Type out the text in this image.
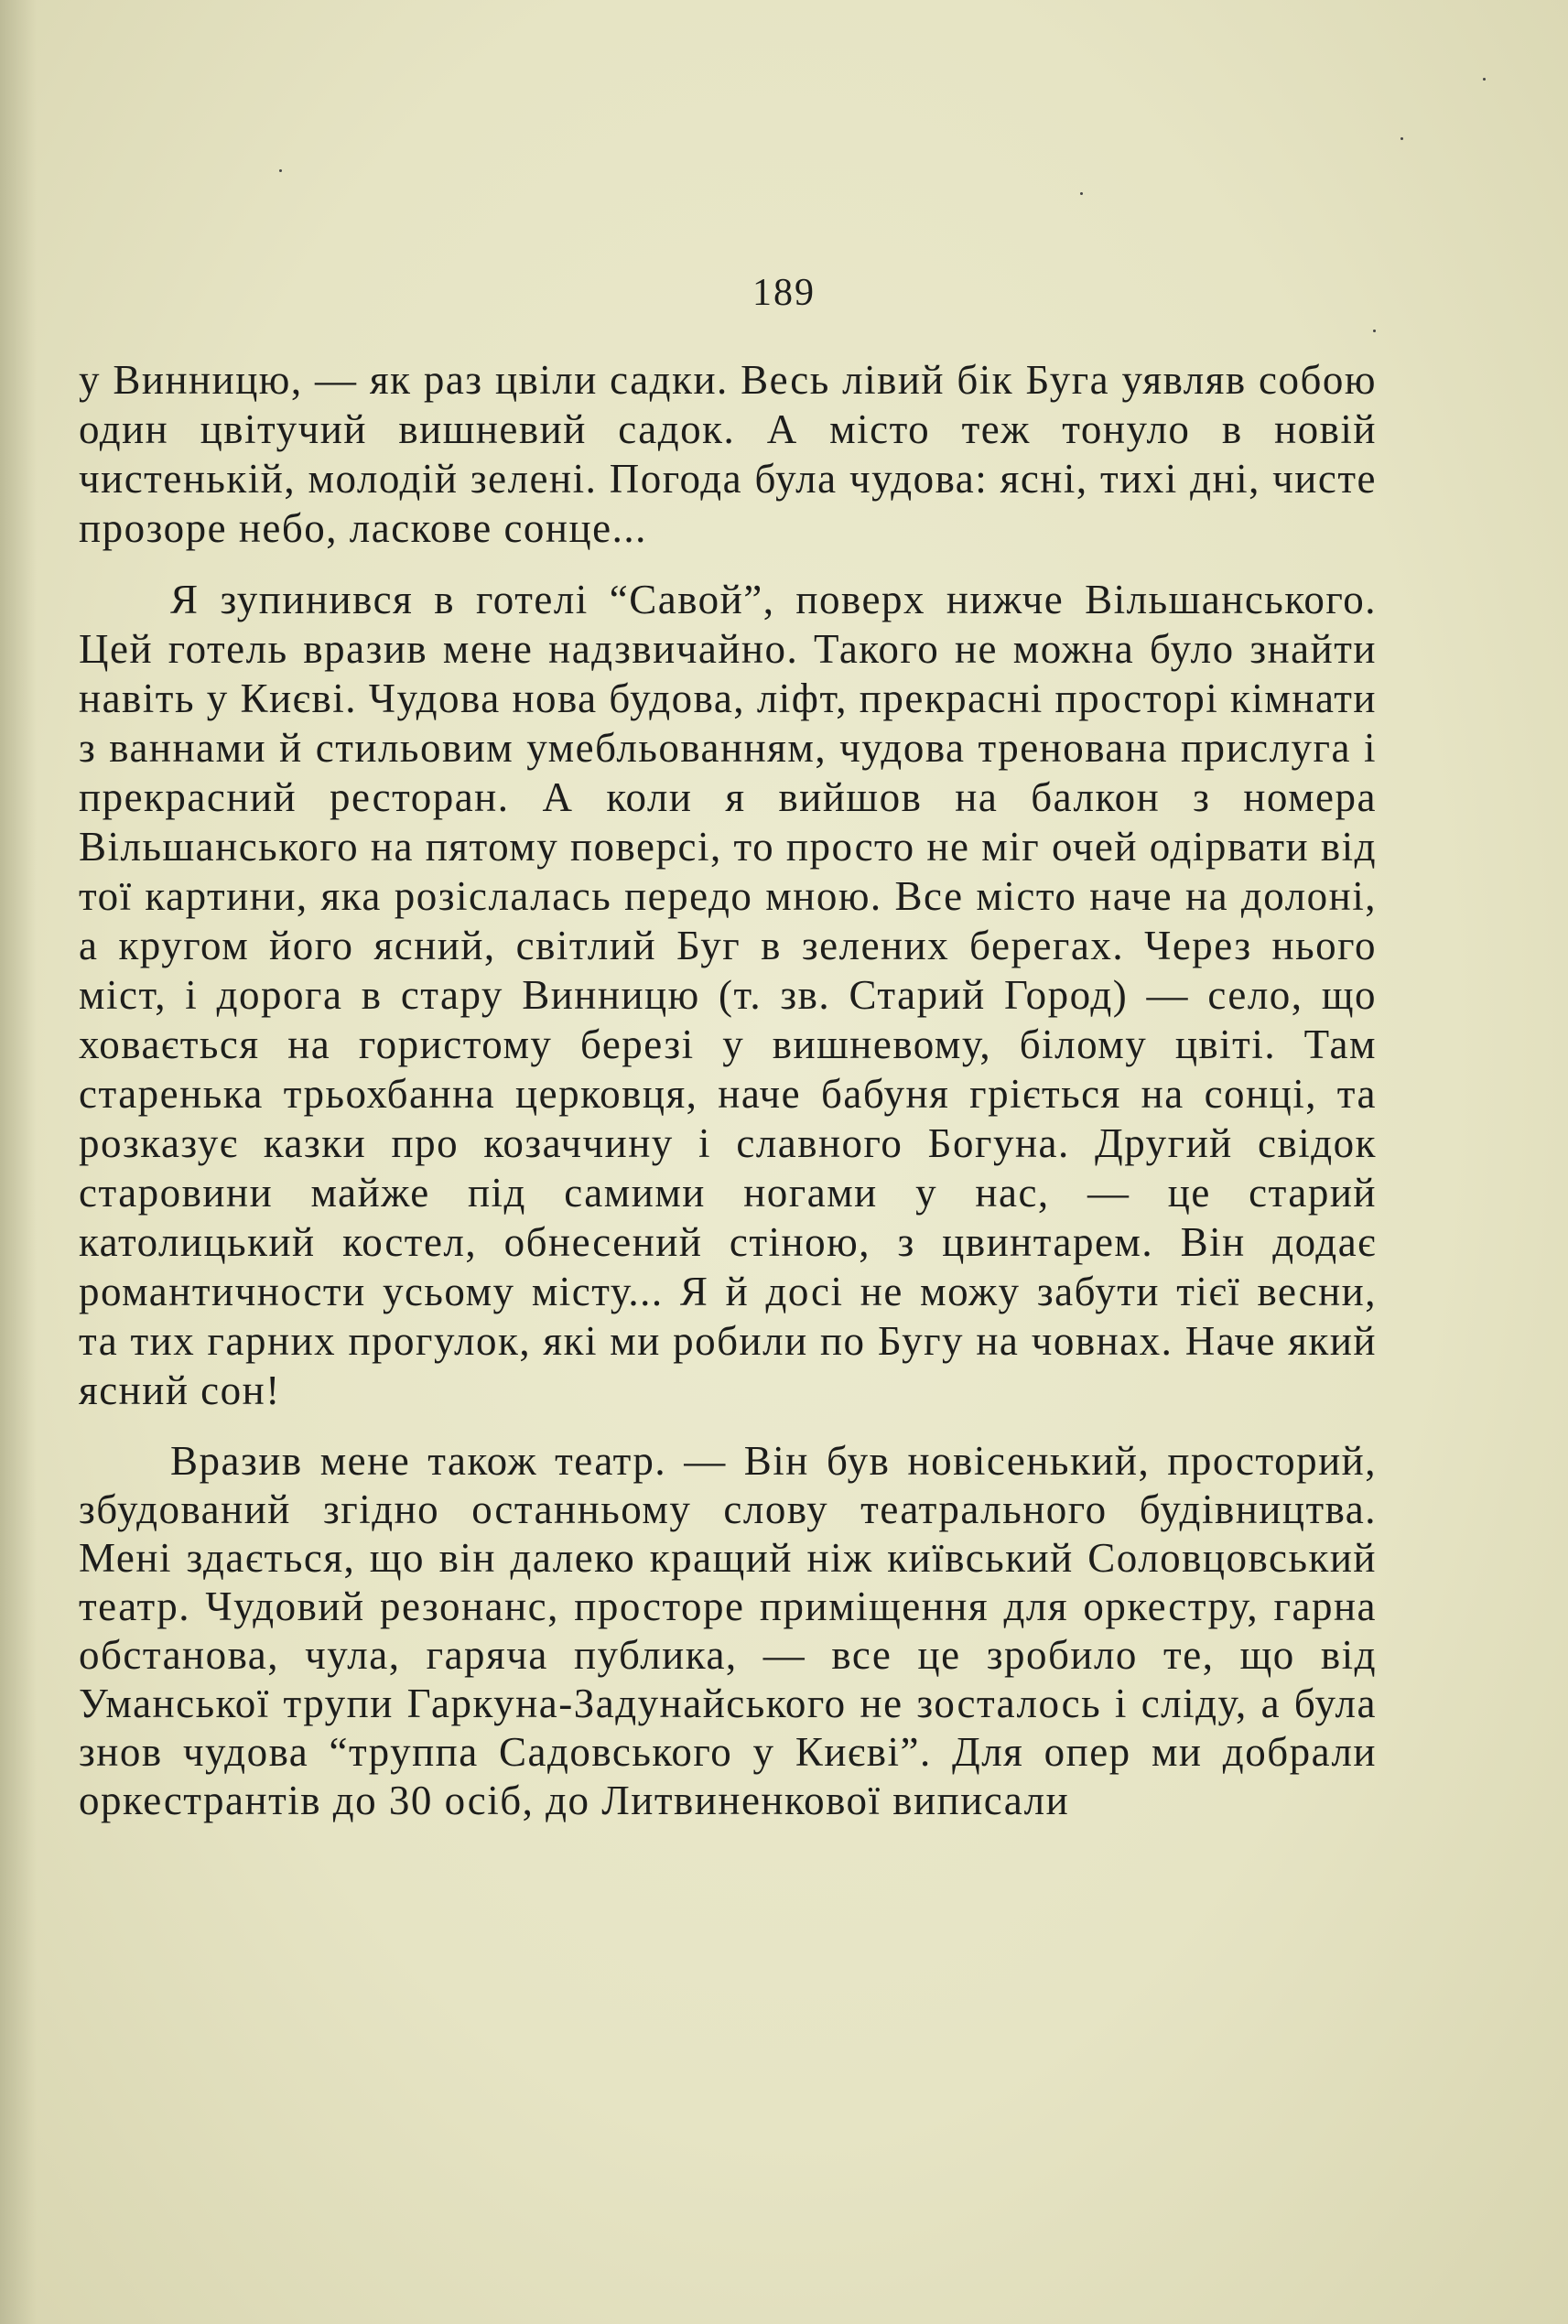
189

у Винницю, — як раз цвіли садки. Весь лівий бік Буга уявляв собою один цвітучий вишневий садок. А місто теж тонуло в новій чистенькій, молодій зелені. Погода була чудова: ясні, тихі дні, чисте прозоре небо, ласкове сонце...

Я зупинився в готелі “Савой”, поверх нижче Вільшанського. Цей готель вразив мене надзвичайно. Такого не можна було знайти навіть у Києві. Чудова нова будова, ліфт, прекрасні просторі кімнати з ваннами й стильовим умебльованням, чудова тренована прислуга і прекрасний ресторан. А коли я вийшов на балкон з номера Вільшанського на пятому поверсі, то просто не міг очей одірвати від тої картини, яка розіслалась передо мною. Все місто наче на долоні, а кругом його ясний, світлий Буг в зелених берегах. Через нього міст, і дорога в стару Винницю (т. зв. Старий Город) — село, що ховається на гористому березі у вишневому, білому цвіті. Там старенька трьохбанна церковця, наче бабуня гріється на сонці, та розказує казки про козаччину і славного Богуна. Другий свідок старовини майже під самими ногами у нас, — це старий католицький костел, обнесений стіною, з цвинтарем. Він додає романтичности усьому місту... Я й досі не можу забути тієї весни, та тих гарних прогулок, які ми робили по Бугу на човнах. Наче який ясний сон!

Вразив мене також театр. — Він був новісенький, просторий, збудований згідно останньому слову театрального будівництва. Мені здається, що він далеко кращий ніж київський Соловцовський театр. Чудовий резонанс, просторе приміщення для оркестру, гарна обстанова, чула, гаряча публика, — все це зробило те, що від Уманської трупи Гаркуна-Задунайського не зосталось і сліду, а була знов чудова “труппа Садовського у Києві”. Для опер ми добрали оркестрантів до 30 осіб, до Литвиненкової виписали
